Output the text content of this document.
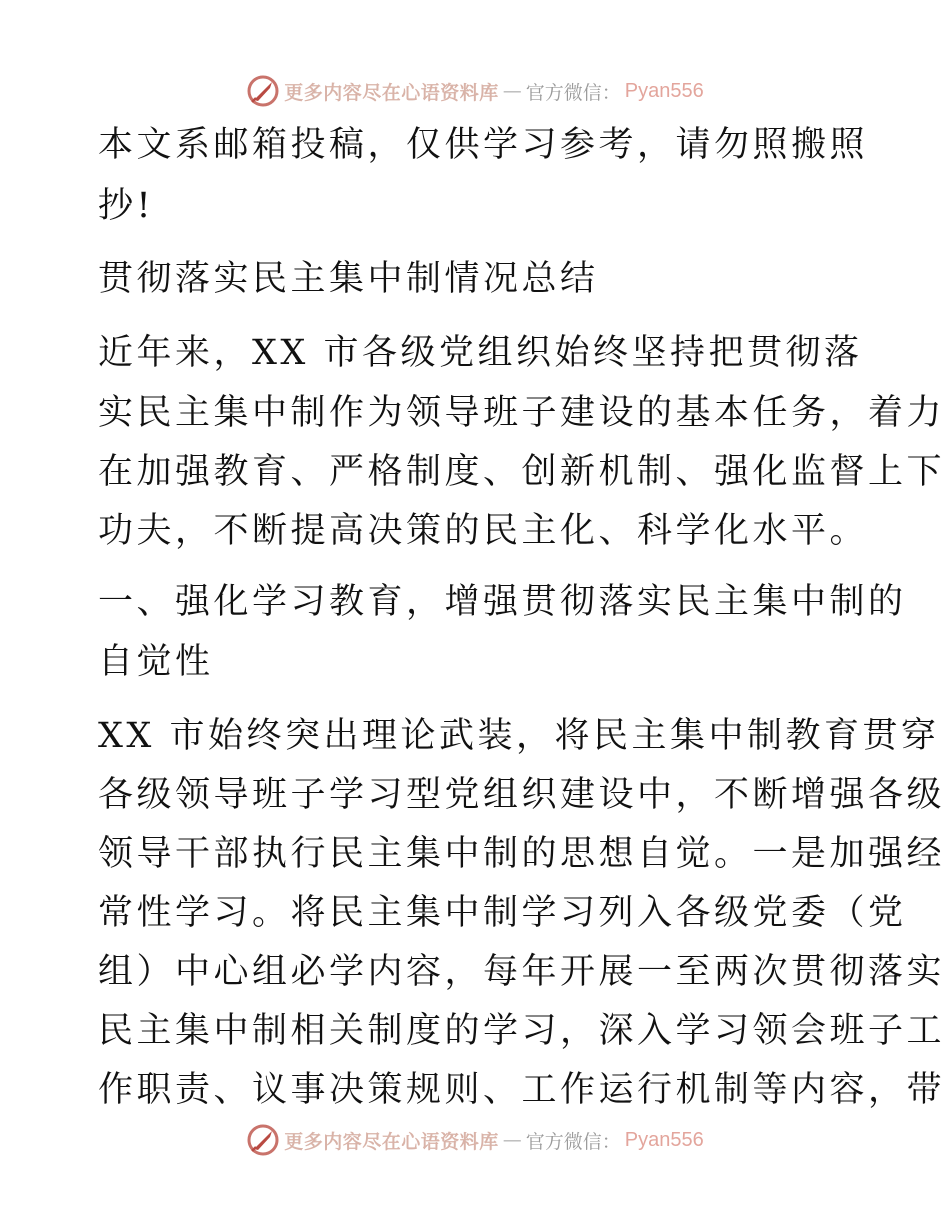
更多内容尽在心语资料库 — 官方微信： Pyan556
本文系邮箱投稿，仅供学习参考，请勿照搬照
抄!
贯彻落实民主集中制情况总结
近年来，XX 市各级党组织始终坚持把贯彻落
实民主集中制作为领导班子建设的基本任务，着力
在加强教育、严格制度、创新机制、强化监督上下
功夫，不断提高决策的民主化、科学化水平。
一、强化学习教育，增强贯彻落实民主集中制的
自觉性
XX 市始终突出理论武装，将民主集中制教育贯穿
各级领导班子学习型党组织建设中，不断增强各级
领导干部执行民主集中制的思想自觉。一是加强经
常性学习。将民主集中制学习列入各级党委（党
组）中心组必学内容，每年开展一至两次贯彻落实
民主集中制相关制度的学习，深入学习领会班子工
作职责、议事决策规则、工作运行机制等内容，带
更多内容尽在心语资料库 — 官方微信： Pyan556
